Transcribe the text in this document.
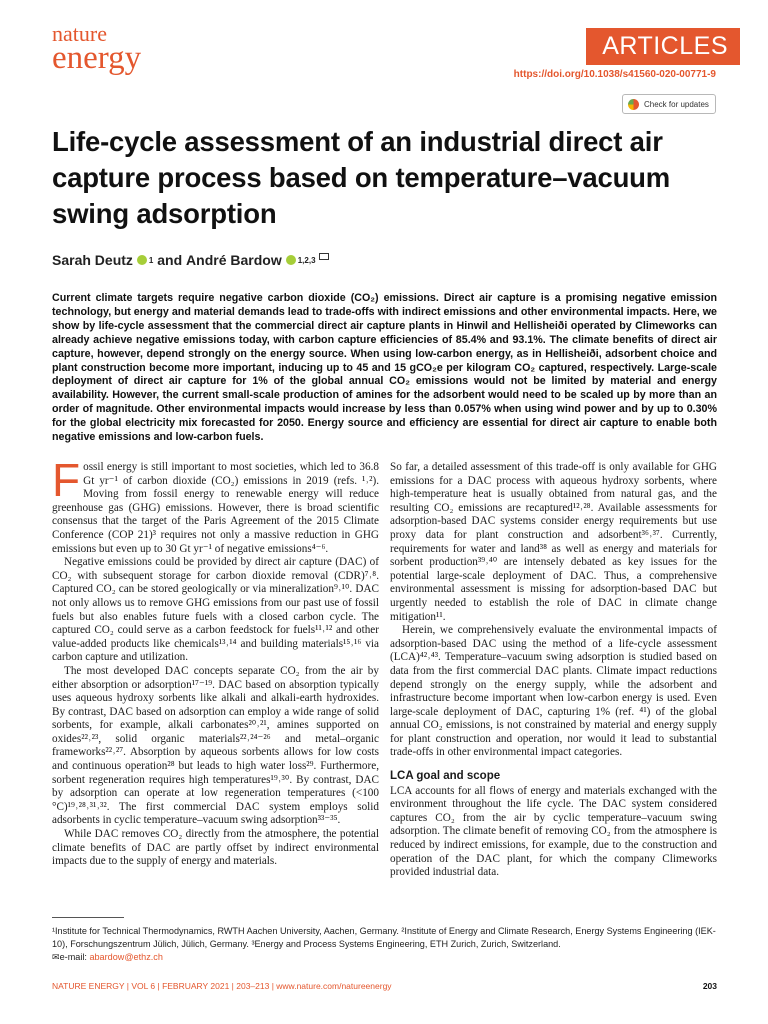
nature
energy	ARTICLES
https://doi.org/10.1038/s41560-020-00771-9
Check for updates
Life-cycle assessment of an industrial direct air capture process based on temperature–vacuum swing adsorption
Sarah Deutz 1 and André Bardow 1,2,3

Current climate targets require negative carbon dioxide (CO₂) emissions. Direct air capture is a promising negative emission technology, but energy and material demands lead to trade-offs with indirect emissions and other environmental impacts. Here, we show by life-cycle assessment that the commercial direct air capture plants in Hinwil and Hellisheiði operated by Climeworks can already achieve negative emissions today, with carbon capture efficiencies of 85.4% and 93.1%. The climate benefits of direct air capture, however, depend strongly on the energy source. When using low-carbon energy, as in Hellisheiði, adsorbent choice and plant construction become more important, inducing up to 45 and 15 gCO₂e per kilogram CO₂ captured, respectively. Large-scale deployment of direct air capture for 1% of the global annual CO₂ emissions would not be limited by material and energy availability. However, the current small-scale production of amines for the adsorbent would need to be scaled up by more than an order of magnitude. Other environmental impacts would increase by less than 0.057% when using wind power and by up to 0.30% for the global electricity mix forecasted for 2050. Energy source and efficiency are essential for direct air capture to enable both negative emissions and low-carbon fuels.

Fossil energy is still important to most societies, which led to 36.8 Gt yr⁻¹ of carbon dioxide (CO₂) emissions in 2019 (refs. ¹˒²). Moving from fossil energy to renewable energy will reduce greenhouse gas (GHG) emissions. However, there is broad scientific consensus that the target of the Paris Agreement of the 2015 Climate Conference (COP 21)³ requires not only a massive reduction in GHG emissions but even up to 30 Gt yr⁻¹ of negative emissions⁴⁻⁶.

Negative emissions could be provided by direct air capture (DAC) of CO₂ with subsequent storage for carbon dioxide removal (CDR)⁷˒⁸. Captured CO₂ can be stored geologically or via mineralization⁹˒¹⁰. DAC not only allows us to remove GHG emissions from our past use of fossil fuels but also enables future fuels with a closed carbon cycle. The captured CO₂ could serve as a carbon feedstock for fuels¹¹˒¹² and other value-added products like chemicals¹³˒¹⁴ and building materials¹⁵˒¹⁶ via carbon capture and utilization.

The most developed DAC concepts separate CO₂ from the air by either absorption or adsorption¹⁷⁻¹⁹. DAC based on absorption typically uses aqueous hydroxy sorbents like alkali and alkali-earth hydroxides. By contrast, DAC based on adsorption can employ a wide range of solid sorbents, for example, alkali carbonates²⁰˒²¹, amines supported on oxides²²˒²³, solid organic materials²²˒²⁴⁻²⁶ and metal–organic frameworks²²˒²⁷. Absorption by aqueous sorbents allows for low costs and continuous operation²⁸ but leads to high water loss²⁹. Furthermore, sorbent regeneration requires high temperatures¹⁹˒³⁰. By contrast, DAC by adsorption can operate at low regeneration temperatures (<100 °C)¹⁹˒²⁸˒³¹˒³². The first commercial DAC system employs solid adsorbents in cyclic temperature–vacuum swing adsorption³³⁻³⁵.

While DAC removes CO₂ directly from the atmosphere, the potential climate benefits of DAC are partly offset by indirect environmental impacts due to the supply of energy and materials.

So far, a detailed assessment of this trade-off is only available for GHG emissions for a DAC process with aqueous hydroxy sorbents, where high-temperature heat is usually obtained from natural gas, and the resulting CO₂ emissions are recaptured¹²˒²⁸. Available assessments for adsorption-based DAC systems consider energy requirements but use proxy data for plant construction and adsorbent³⁶˒³⁷. Currently, requirements for water and land³⁸ as well as energy and materials for sorbent production³⁹˒⁴⁰ are intensely debated as key issues for the potential large-scale deployment of DAC. Thus, a comprehensive environmental assessment is missing for adsorption-based DAC but urgently needed to establish the role of DAC in climate change mitigation¹¹.

Herein, we comprehensively evaluate the environmental impacts of adsorption-based DAC using the method of a life-cycle assessment (LCA)⁴²˒⁴³. Temperature–vacuum swing adsorption is studied based on data from the first commercial DAC plants. Climate impact reductions depend strongly on the energy supply, while the adsorbent and infrastructure become important when low-carbon energy is used. Even large-scale deployment of DAC, capturing 1% (ref. ⁴¹) of the global annual CO₂ emissions, is not constrained by material and energy supply for plant construction and operation, nor would it lead to substantial trade-offs in other environmental impact categories.

LCA goal and scope

LCA accounts for all flows of energy and materials exchanged with the environment throughout the life cycle. The DAC system considered captures CO₂ from the air by cyclic temperature–vacuum swing adsorption. The climate benefit of removing CO₂ from the atmosphere is reduced by indirect emissions, for example, due to the construction and operation of the DAC plant, for which the company Climeworks provided industrial data.

¹Institute for Technical Thermodynamics, RWTH Aachen University, Aachen, Germany. ²Institute of Energy and Climate Research, Energy Systems Engineering (IEK-10), Forschungszentrum Jülich, Jülich, Germany. ³Energy and Process Systems Engineering, ETH Zurich, Zurich, Switzerland.
✉e-mail: abardow@ethz.ch
NATURE ENERGY | VOL 6 | FEBRUARY 2021 | 203–213 | www.nature.com/natureenergy	203
